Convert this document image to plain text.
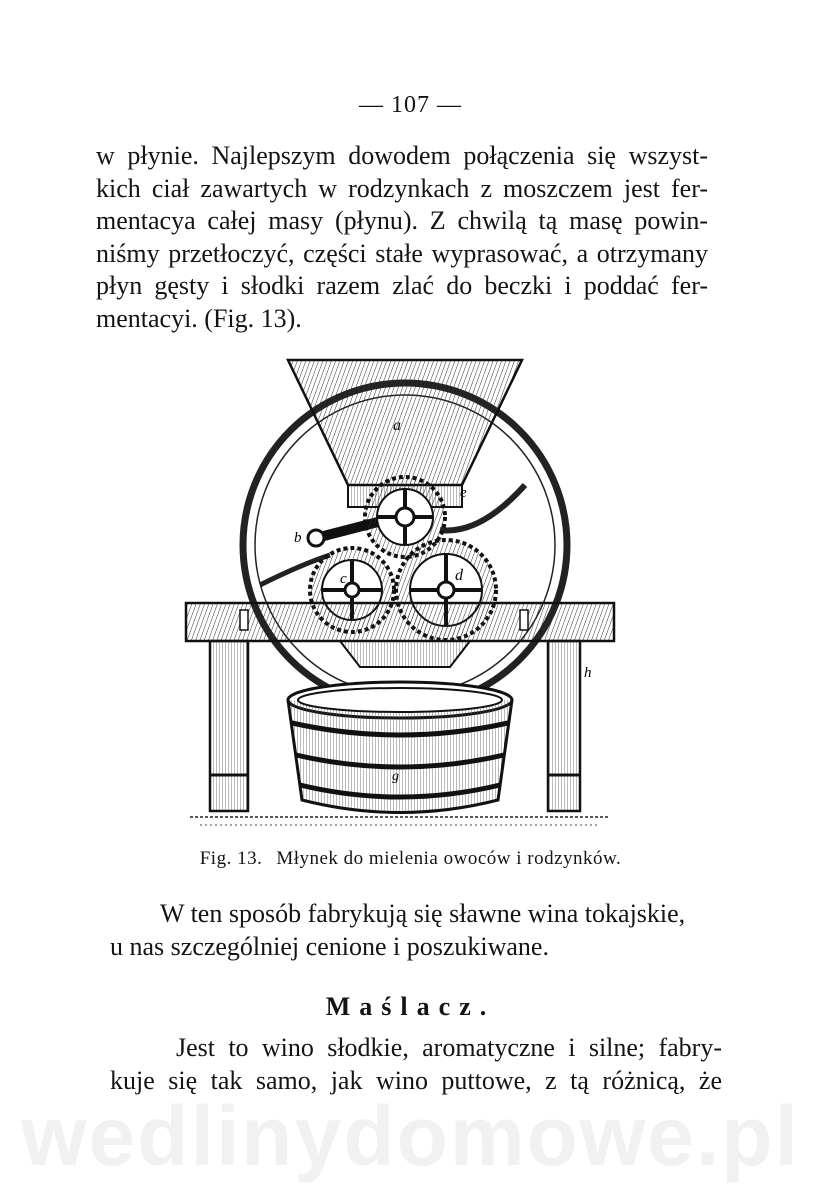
— 107 —
w płynie. Najlepszym dowodem połączenia się wszyst-
kich ciał zawartych w rodzynkach z moszczem jest fer-
mentacya całej masy (płynu). Z chwilą tą masę powin-
niśmy przetłoczyć, części stałe wyprasować, a otrzymany
płyn gęsty i słodki razem zlać do beczki i poddać fer-
mentacyi. (Fig. 13).
a
b
e
c	d
h
g
Fig. 13. Młynek do mielenia owoców i rodzynków.
W ten sposób fabrykują się sławne wina tokajskie,
u nas szczególniej cenione i poszukiwane.
Maślacz.
Jest to wino słodkie, aromatyczne i silne; fabry-
kuje się tak samo, jak wino puttowe, z tą różnicą, że
wedlinydomowe.pl
